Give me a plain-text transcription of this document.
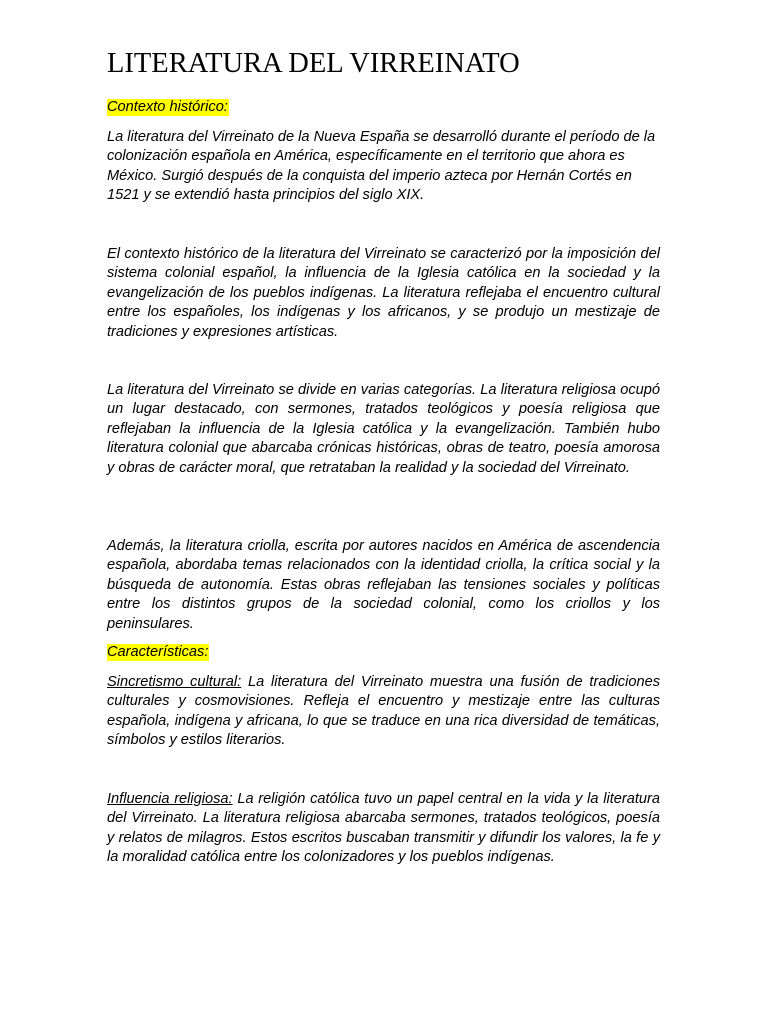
LITERATURA DEL VIRREINATO

Contexto histórico:

La literatura del Virreinato de la Nueva España se desarrolló durante el período de la colonización española en América, específicamente en el territorio que ahora es México. Surgió después de la conquista del imperio azteca por Hernán Cortés en 1521 y se extendió hasta principios del siglo XIX.

El contexto histórico de la literatura del Virreinato se caracterizó por la imposición del sistema colonial español, la influencia de la Iglesia católica en la sociedad y la evangelización de los pueblos indígenas. La literatura reflejaba el encuentro cultural entre los españoles, los indígenas y los africanos, y se produjo un mestizaje de tradiciones y expresiones artísticas.

La literatura del Virreinato se divide en varias categorías. La literatura religiosa ocupó un lugar destacado, con sermones, tratados teológicos y poesía religiosa que reflejaban la influencia de la Iglesia católica y la evangelización. También hubo literatura colonial que abarcaba crónicas históricas, obras de teatro, poesía amorosa y obras de carácter moral, que retrataban la realidad y la sociedad del Virreinato.

Además, la literatura criolla, escrita por autores nacidos en América de ascendencia española, abordaba temas relacionados con la identidad criolla, la crítica social y la búsqueda de autonomía. Estas obras reflejaban las tensiones sociales y políticas entre los distintos grupos de la sociedad colonial, como los criollos y los peninsulares.

Características:

Sincretismo cultural: La literatura del Virreinato muestra una fusión de tradiciones culturales y cosmovisiones. Refleja el encuentro y mestizaje entre las culturas española, indígena y africana, lo que se traduce en una rica diversidad de temáticas, símbolos y estilos literarios.

Influencia religiosa: La religión católica tuvo un papel central en la vida y la literatura del Virreinato. La literatura religiosa abarcaba sermones, tratados teológicos, poesía y relatos de milagros. Estos escritos buscaban transmitir y difundir los valores, la fe y la moralidad católica entre los colonizadores y los pueblos indígenas.
